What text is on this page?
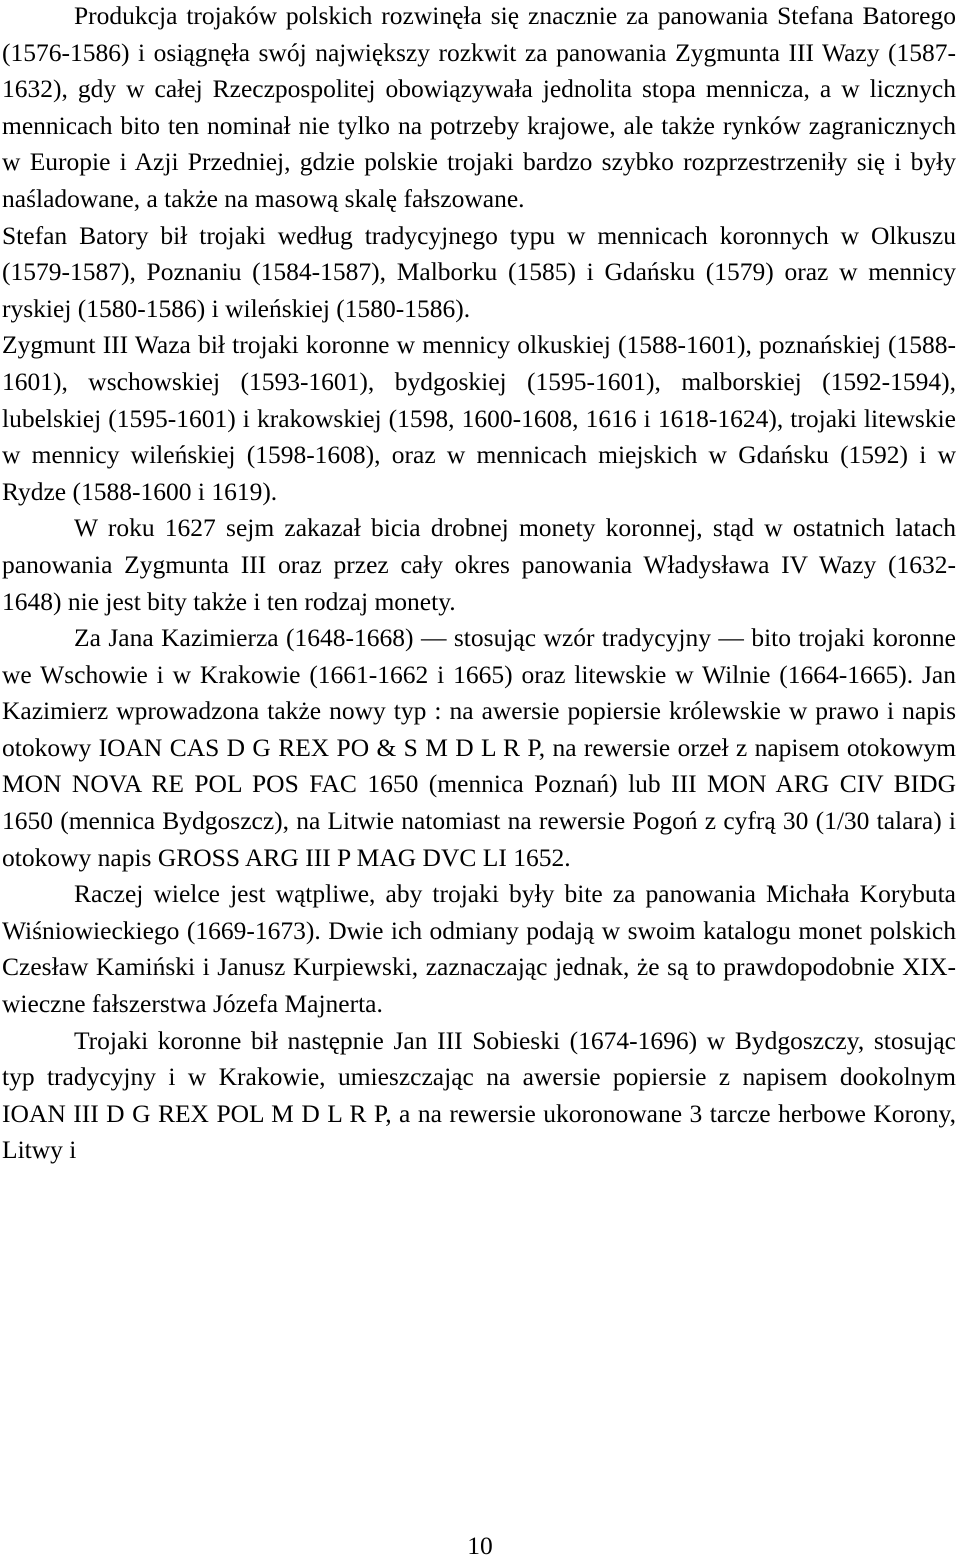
Produkcja trojaków polskich rozwinęła się znacznie za panowania Stefana Batorego (1576-1586) i osiągnęła swój największy rozkwit za panowania Zygmunta III Wazy (1587-1632), gdy w całej Rzeczpospolitej obowiązywała jednolita stopa mennicza, a w licznych mennicach bito ten nominał nie tylko na potrzeby krajowe, ale także rynków zagranicznych w Europie i Azji Przedniej, gdzie polskie trojaki bardzo szybko rozprzestrzeniły się i były naśladowane, a także na masową skalę fałszowane.

Stefan Batory bił trojaki według tradycyjnego typu w mennicach koronnych w Olkuszu (1579-1587), Poznaniu (1584-1587), Malborku (1585) i Gdańsku (1579) oraz w mennicy ryskiej (1580-1586) i wileńskiej (1580-1586).

Zygmunt III Waza bił trojaki koronne w mennicy olkuskiej (1588-1601), poznańskiej (1588-1601), wschowskiej (1593-1601), bydgoskiej (1595-1601), malborskiej (1592-1594), lubelskiej (1595-1601) i krakowskiej (1598, 1600-1608, 1616 i 1618-1624), trojaki litewskie w mennicy wileńskiej (1598-1608), oraz w mennicach miejskich w Gdańsku (1592) i w Rydze (1588-1600 i 1619).

W roku 1627 sejm zakazał bicia drobnej monety koronnej, stąd w ostatnich latach panowania Zygmunta III oraz przez cały okres panowania Władysława IV Wazy (1632-1648) nie jest bity także i ten rodzaj monety.

Za Jana Kazimierza (1648-1668) — stosując wzór tradycyjny — bito trojaki koronne we Wschowie i w Krakowie (1661-1662 i 1665) oraz litewskie w Wilnie (1664-1665). Jan Kazimierz wprowadzona także nowy typ : na awersie popiersie królewskie w prawo i napis otokowy IOAN CAS D G REX PO & S M D L R P, na rewersie orzeł z napisem otokowym MON NOVA RE POL POS FAC 1650 (mennica Poznań) lub III MON ARG CIV BIDG 1650 (mennica Bydgoszcz), na Litwie natomiast na rewersie Pogoń z cyfrą 30 (1/30 talara) i otokowy napis GROSS ARG III P MAG DVC LI 1652.

Raczej wielce jest wątpliwe, aby trojaki były bite za panowania Michała Korybuta Wiśniowieckiego (1669-1673). Dwie ich odmiany podają w swoim katalogu monet polskich Czesław Kamiński i Janusz Kurpiewski, zaznaczając jednak, że są to prawdopodobnie XIX-wieczne fałszerstwa Józefa Majnerta.

Trojaki koronne bił następnie Jan III Sobieski (1674-1696) w Bydgoszczy, stosując typ tradycyjny i w Krakowie, umieszczając na awersie popiersie z napisem dookolnym IOAN III D G REX POL M D L R P, a na rewersie ukoronowane 3 tarcze herbowe Korony, Litwy i

10
